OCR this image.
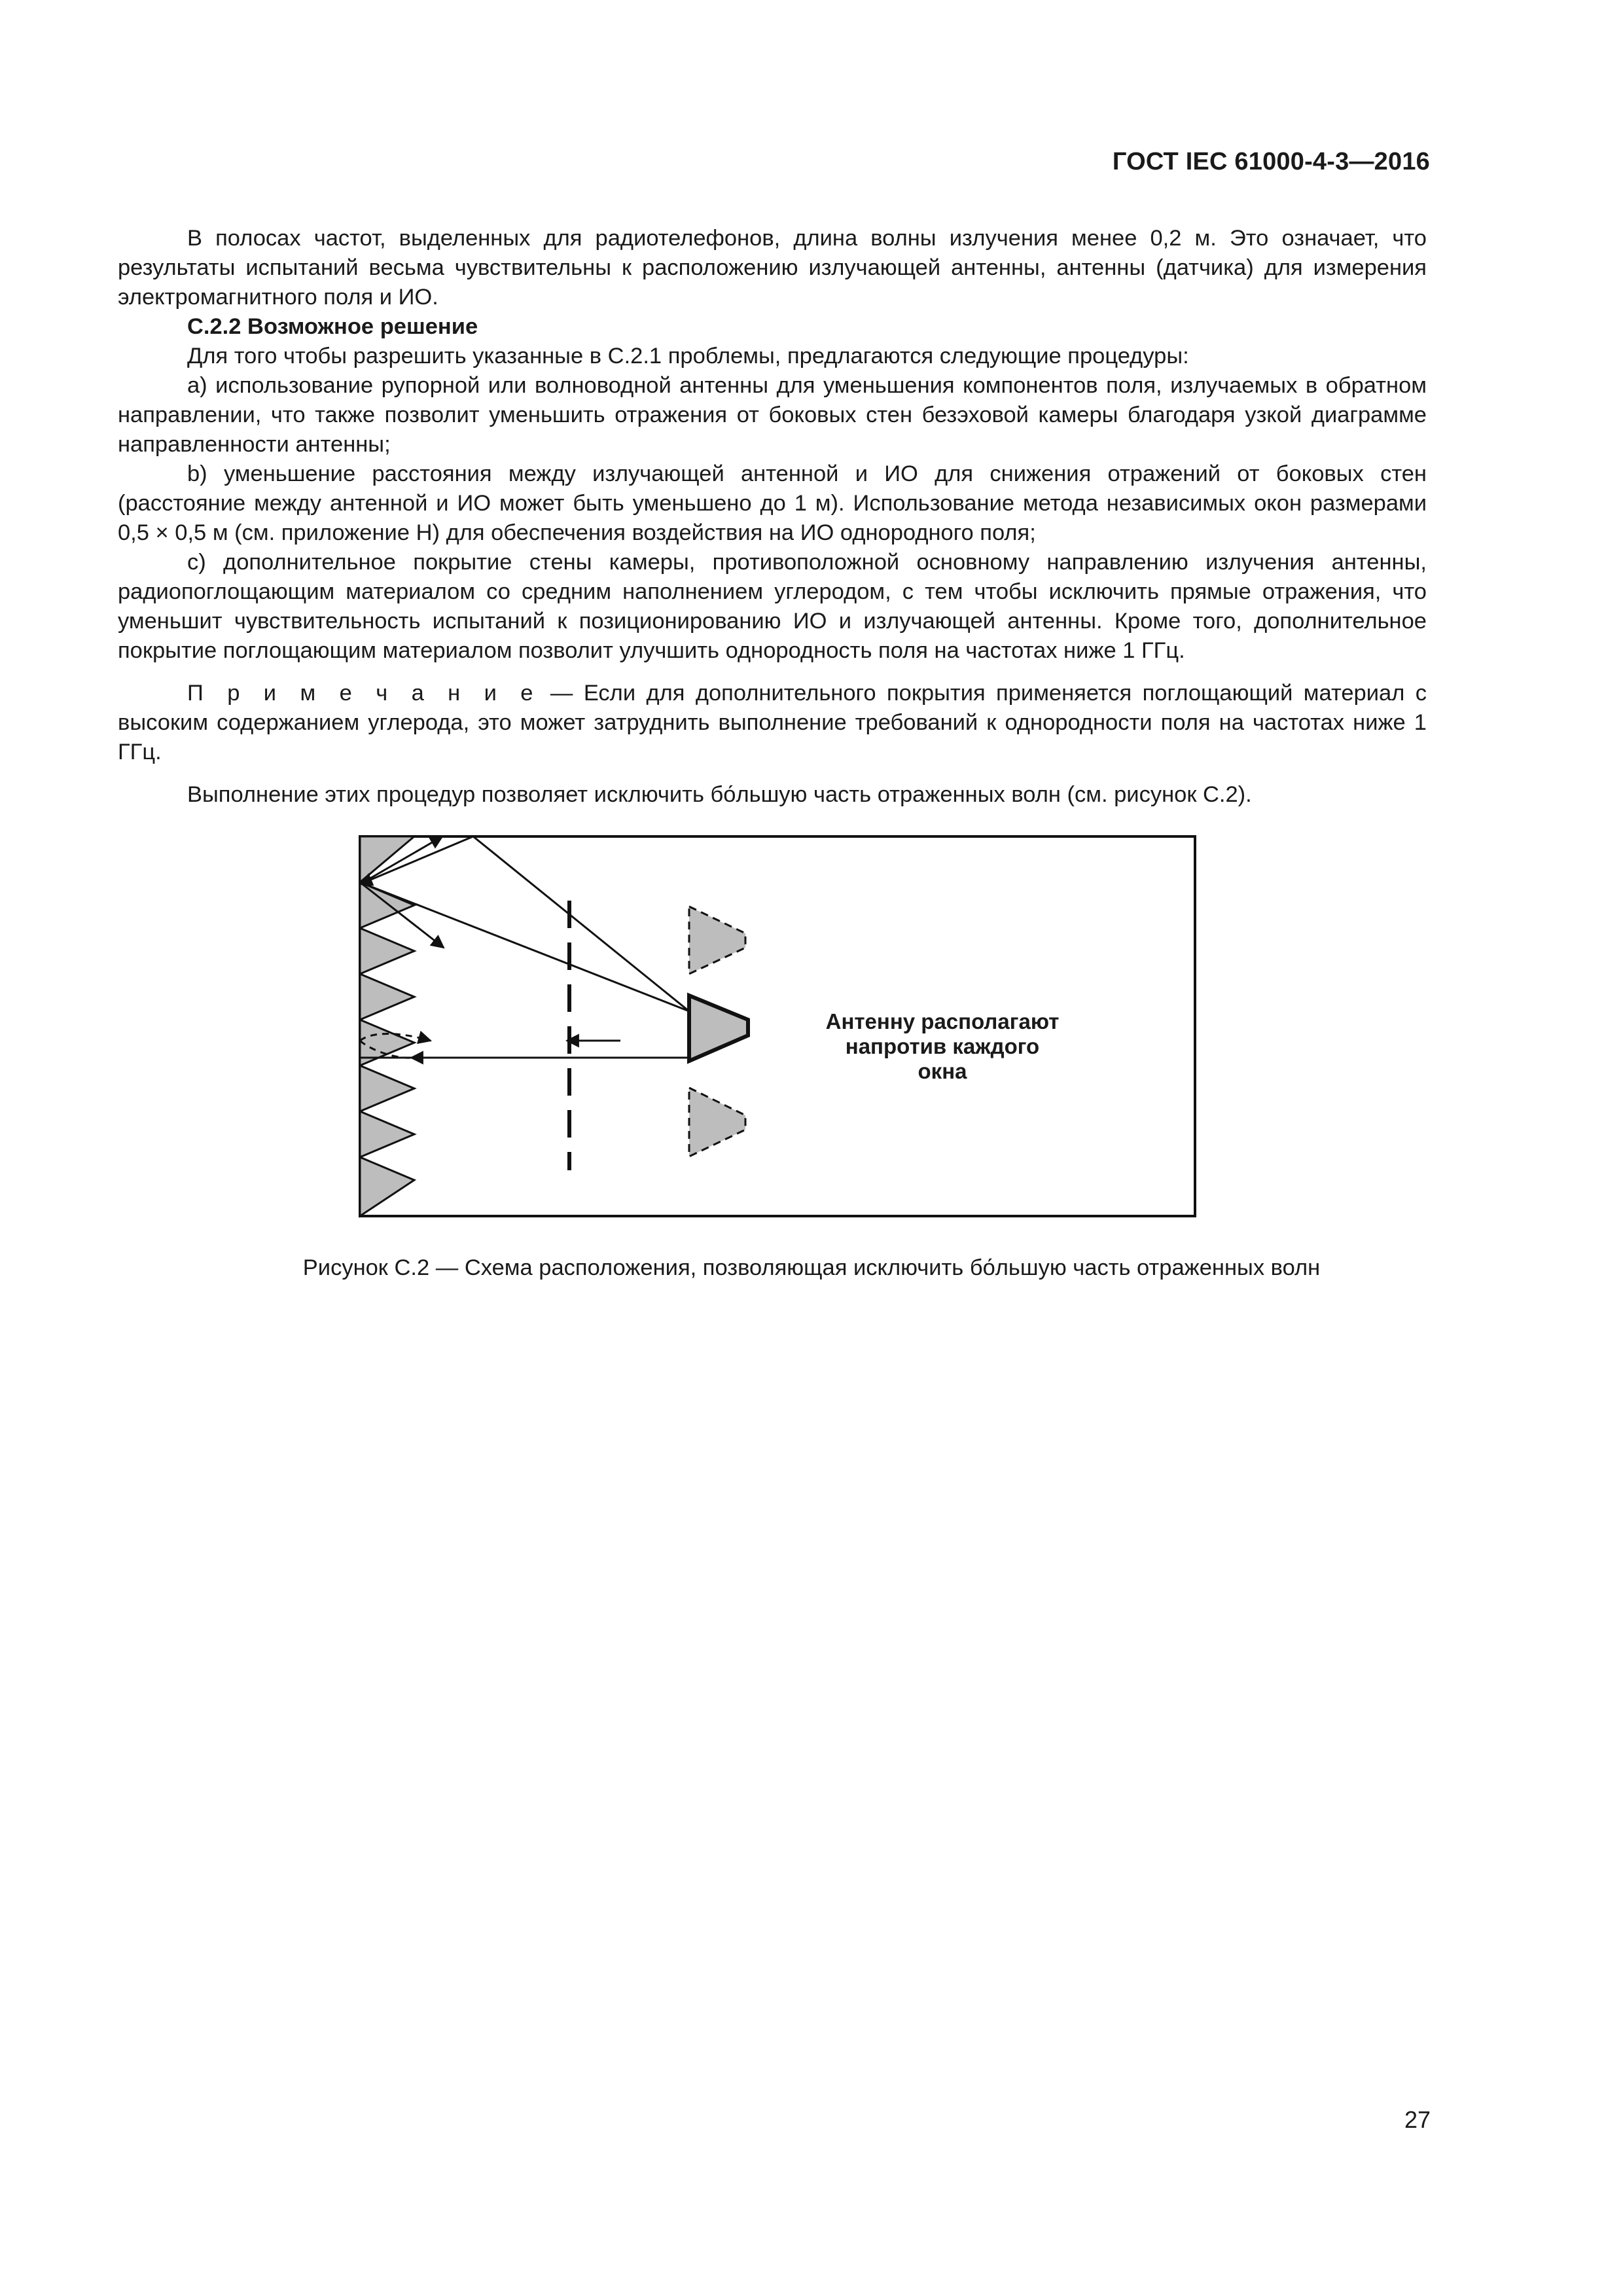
ГОСТ IEC 61000-4-3—2016

В полосах частот, выделенных для радиотелефонов, длина волны излучения менее 0,2 м. Это означает, что результаты испытаний весьма чувствительны к расположению излучающей антенны, антенны (датчика) для измерения электромагнитного поля и ИО.

С.2.2 Возможное решение

Для того чтобы разрешить указанные в С.2.1 проблемы, предлагаются следующие процедуры:

a) использование рупорной или волноводной антенны для уменьшения компонентов поля, излучаемых в обратном направлении, что также позволит уменьшить отражения от боковых стен безэховой камеры благодаря узкой диаграмме направленности антенны;

b) уменьшение расстояния между излучающей антенной и ИО для снижения отражений от боковых стен (расстояние между антенной и ИО может быть уменьшено до 1 м). Использование метода независимых окон размерами 0,5 × 0,5 м (см. приложение H) для обеспечения воздействия на ИО однородного поля;

c) дополнительное покрытие стены камеры, противоположной основному направлению излучения антенны, радиопоглощающим материалом со средним наполнением углеродом, с тем чтобы исключить прямые отражения, что уменьшит чувствительность испытаний к позиционированию ИО и излучающей антенны. Кроме того, дополнительное покрытие поглощающим материалом позволит улучшить однородность поля на частотах ниже 1 ГГц.

П р и м е ч а н и е — Если для дополнительного покрытия применяется поглощающий материал с высоким содержанием углерода, это может затруднить выполнение требований к однородности поля на частотах ниже 1 ГГц.

Выполнение этих процедур позволяет исключить бо́льшую часть отраженных волн (см. рисунок С.2).

Антенну располагают
напротив каждого окна
Рисунок С.2 — Схема расположения, позволяющая исключить бо́льшую часть отраженных волн
27
